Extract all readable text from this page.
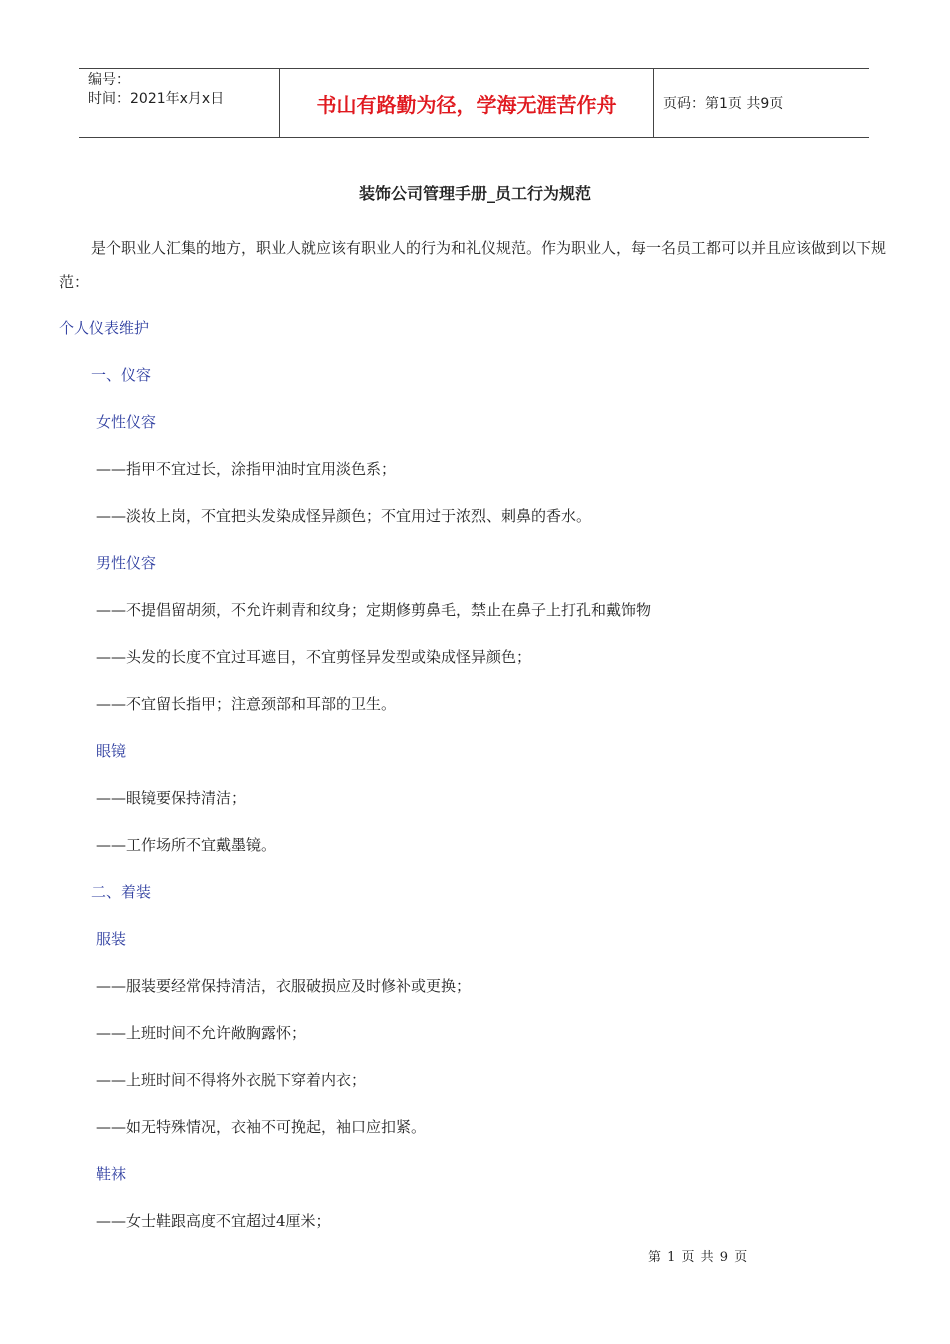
编号：
时间：2021年x月x日	书山有路勤为径，学海无涯苦作舟	页码：第1页 共9页
装饰公司管理手册_员工行为规范
是个职业人汇集的地方，职业人就应该有职业人的行为和礼仪规范。作为职业人，每一名员工都可以并且应该做到以下规范：
个人仪表维护
一、仪容
女性仪容
——指甲不宜过长，涂指甲油时宜用淡色系；
——淡妆上岗，不宜把头发染成怪异颜色；不宜用过于浓烈、刺鼻的香水。
男性仪容
——不提倡留胡须，不允许刺青和纹身；定期修剪鼻毛，禁止在鼻子上打孔和戴饰物
——头发的长度不宜过耳遮目，不宜剪怪异发型或染成怪异颜色；
——不宜留长指甲；注意颈部和耳部的卫生。
眼镜
——眼镜要保持清洁；
——工作场所不宜戴墨镜。
二、着装
服装
——服装要经常保持清洁，衣服破损应及时修补或更换；
——上班时间不允许敞胸露怀；
——上班时间不得将外衣脱下穿着内衣；
——如无特殊情况，衣袖不可挽起，袖口应扣紧。
鞋袜
——女士鞋跟高度不宜超过4厘米；
第 1 页 共 9 页
